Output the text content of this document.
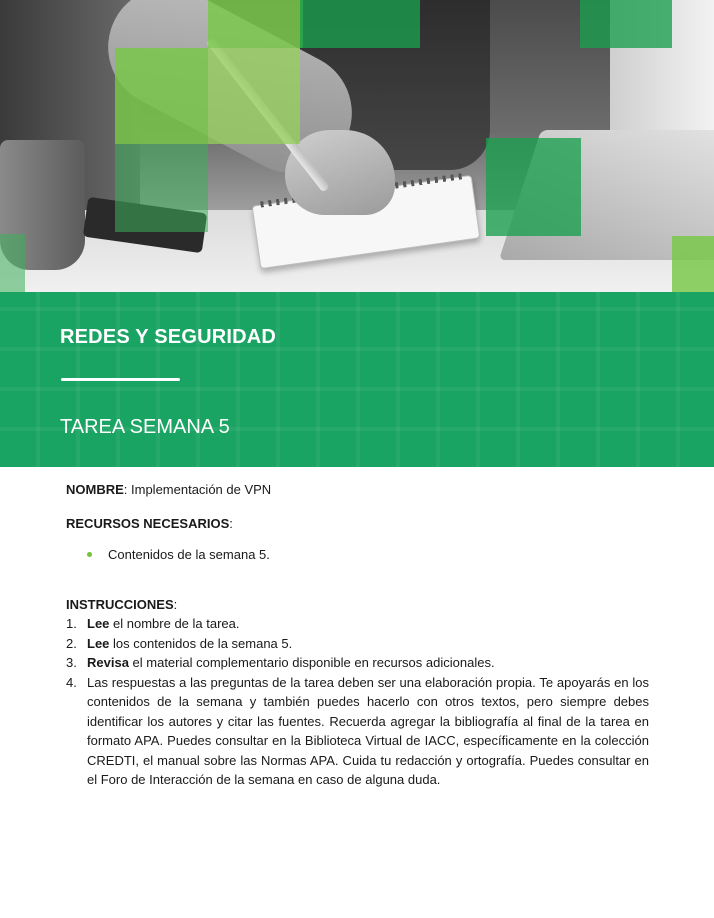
REDES Y SEGURIDAD
TAREA SEMANA 5

NOMBRE: Implementación de VPN

RECURSOS NECESARIOS:

Contenidos de la semana 5.

INSTRUCCIONES:

1. Lee el nombre de la tarea.
2. Lee los contenidos de la semana 5.
3. Revisa el material complementario disponible en recursos adicionales.
4. Las respuestas a las preguntas de la tarea deben ser una elaboración propia. Te apoyarás en los contenidos de la semana y también puedes hacerlo con otros textos, pero siempre debes identificar los autores y citar las fuentes. Recuerda agregar la bibliografía al final de la tarea en formato APA. Puedes consultar en la Biblioteca Virtual de IACC, específicamente en la colección CREDTI, el manual sobre las Normas APA. Cuida tu redacción y ortografía. Puedes consultar en el Foro de Interacción de la semana en caso de alguna duda.
